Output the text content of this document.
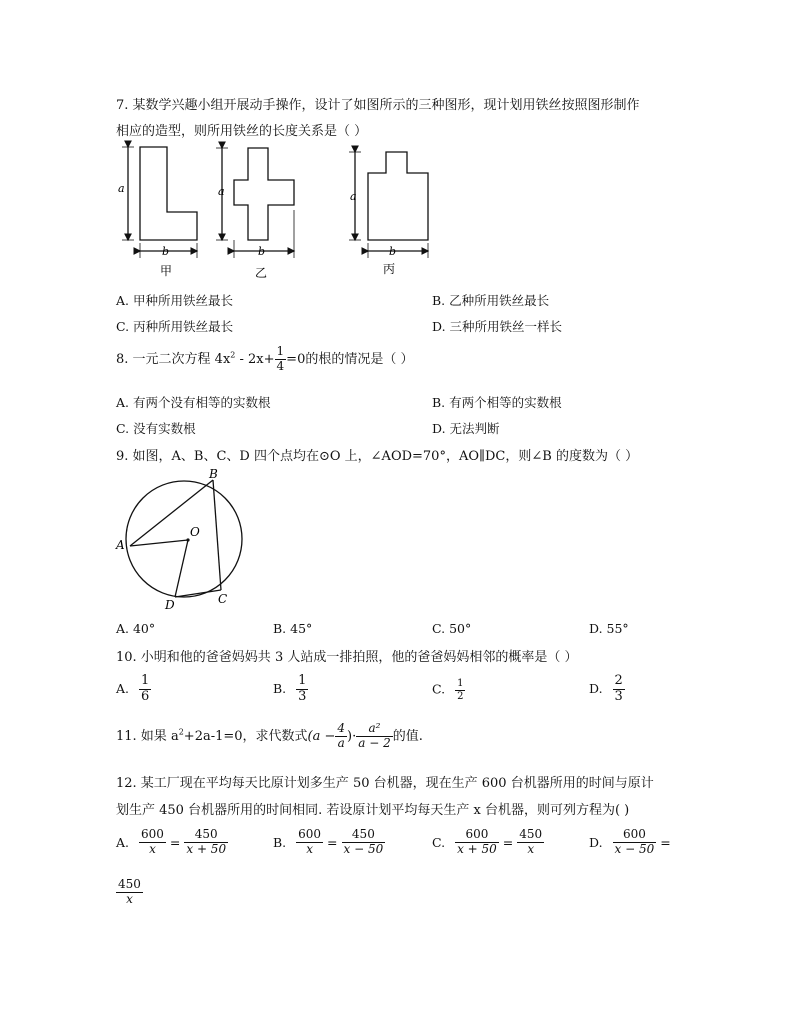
7. 某数学兴趣小组开展动手操作，设计了如图所示的三种图形，现计划用铁丝按照图形制作
相应的造型，则所用铁丝的长度关系是（ ）
a
b
甲
a
b
乙
a
b
丙
A. 甲种所用铁丝最长	B. 乙种所用铁丝最长
C. 丙种所用铁丝最长	D. 三种所用铁丝一样长
8. 一元二次方程 $4x^2 - 2x+ \frac{1}{4} =0$的根的情况是（ ）
A. 有两个没有相等的实数根	B. 有两个相等的实数根
C. 没有实数根	D. 无法判断
9. 如图，A、B、C、D 四个点均在⊙O 上，∠AOD=70°，AO∥DC，则∠B 的度数为（ ）
B
A
O
C
D
A. 40°	B. 45°	C. 50°	D. 55°
10. 小明和他的爸爸妈妈共 3 人站成一排拍照，他的爸爸妈妈相邻的概率是（ ）
A. $\frac{1}{6}$	B. $\frac{1}{3}$	C. $\frac{1}{2}$	D. $\frac{2}{3}$
11. 如果 $a^2+2a-1=0$，求代数式($a - \frac{4}{a}$ )· $\frac{\text{a²}}{a - 2}$ 的值.
12. 某工厂现在平均每天比原计划多生产 50 台机器，现在生产 600 台机器所用的时间与原计
划生产 450 台机器所用的时间相同. 若设原计划平均每天生产 x 台机器，则可列方程为( )
A. $\frac{600}{x} = \frac{450}{x + 50}$	B. $\frac{600}{x} = \frac{450}{x - 50}$	C. $\frac{600}{x + 50} = \frac{450}{x}$	D. $\frac{600}{x - 50}$ =
$\frac{450}{x}$
